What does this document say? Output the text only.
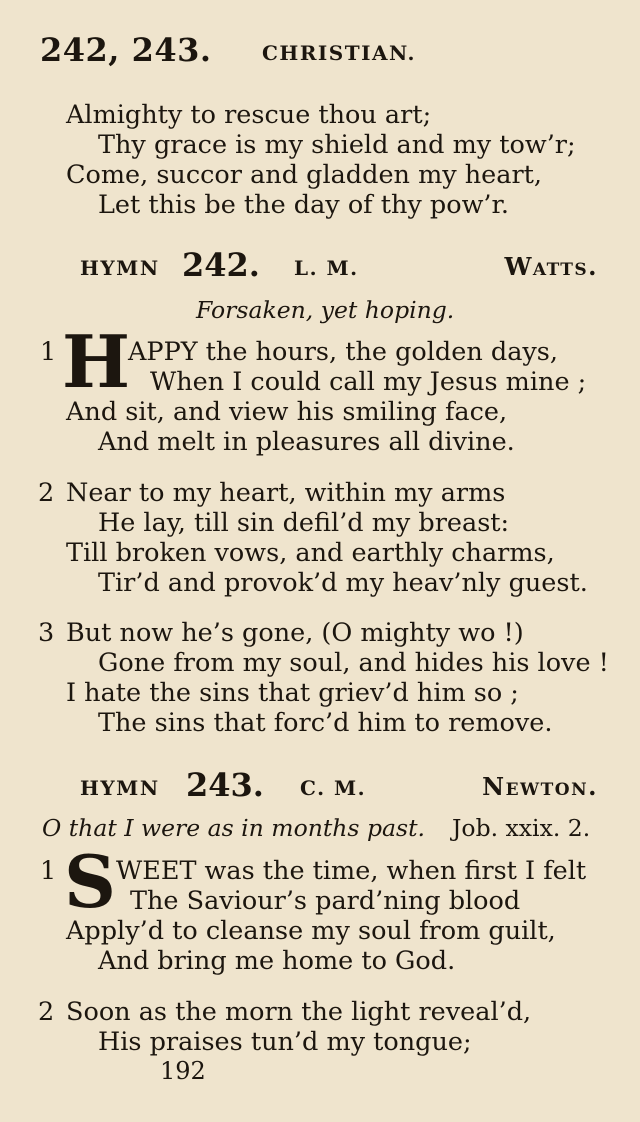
242, 243.	CHRISTIAN.
Almighty to rescue thou art;
Thy grace is my shield and my tow’r;
Come, succor and gladden my heart,
Let this be the day of thy pow’r.
HYMN 242. L. M.	Watts.
Forsaken, yet hoping.
1 H
APPY the hours, the golden days,
When I could call my Jesus mine ;
And sit, and view his smiling face,
And melt in pleasures all divine.
2 Near to my heart, within my arms
He lay, till sin defil’d my breast:
Till broken vows, and earthly charms,
Tir’d and provok’d my heav’nly guest.
3 But now he’s gone, (O mighty wo !)
Gone from my soul, and hides his love !
I hate the sins that griev’d him so ;
The sins that forc’d him to remove.
HYMN 243. C. M.	Newton.
O that I were as in months past. Job. xxix. 2.
1 S WEET was the time, when first I felt
The Saviour’s pard’ning blood
Apply’d to cleanse my soul from guilt,
And bring me home to God.
2 Soon as the morn the light reveal’d,
His praises tun’d my tongue;
192
